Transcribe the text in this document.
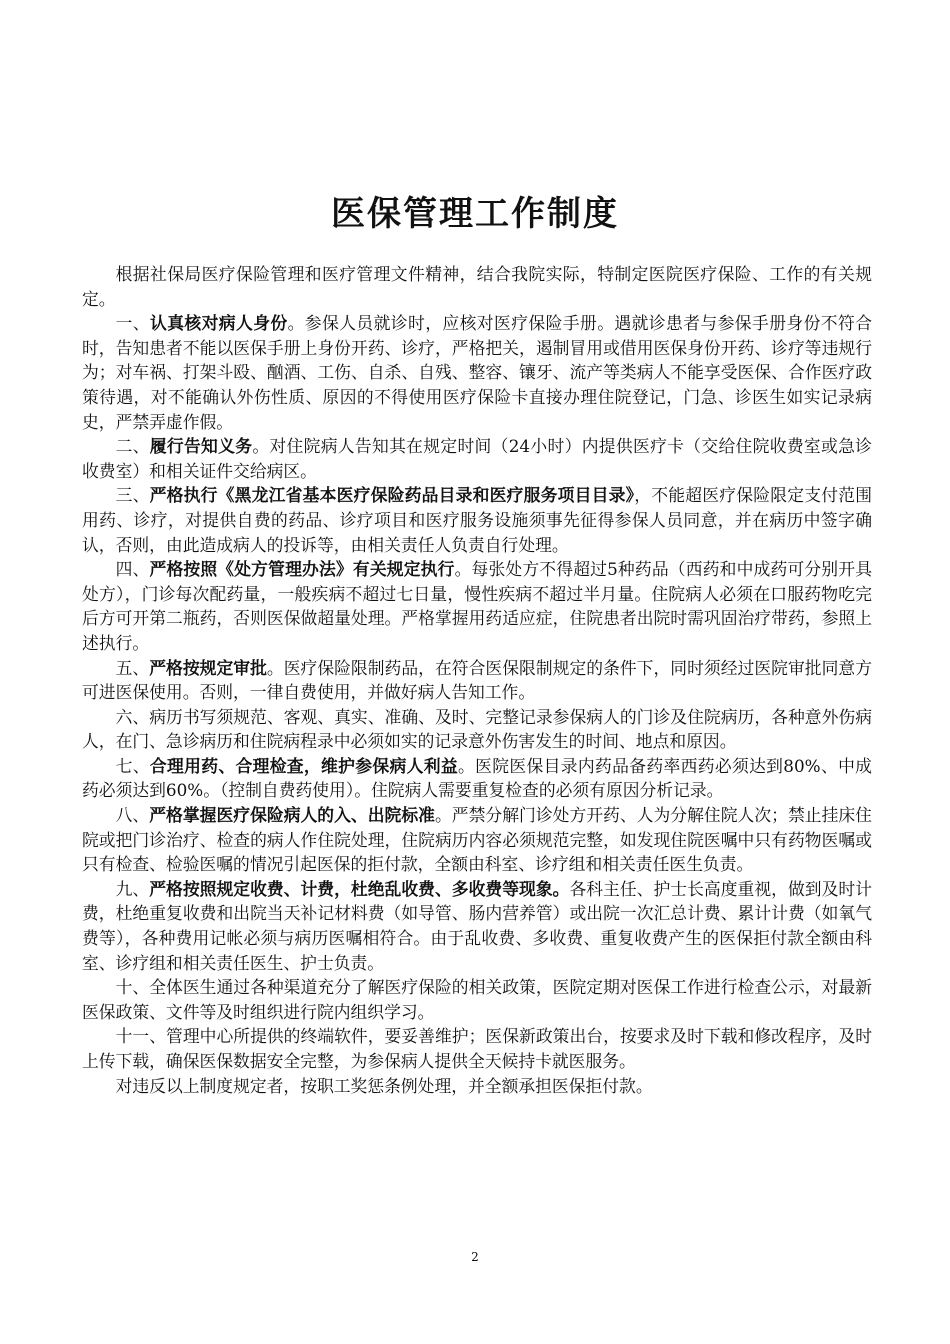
医保管理工作制度

根据社保局医疗保险管理和医疗管理文件精神，结合我院实际，特制定医院医疗保险、工作的有关规定。

一、认真核对病人身份。参保人员就诊时，应核对医疗保险手册。遇就诊患者与参保手册身份不符合时，告知患者不能以医保手册上身份开药、诊疗，严格把关，遏制冒用或借用医保身份开药、诊疗等违规行为；对车祸、打架斗殴、酗酒、工伤、自杀、自残、整容、镶牙、流产等类病人不能享受医保、合作医疗政策待遇，对不能确认外伤性质、原因的不得使用医疗保险卡直接办理住院登记，门急、诊医生如实记录病史，严禁弄虚作假。

二、履行告知义务。对住院病人告知其在规定时间（24小时）内提供医疗卡（交给住院收费室或急诊收费室）和相关证件交给病区。

三、严格执行《黑龙江省基本医疗保险药品目录和医疗服务项目目录》，不能超医疗保险限定支付范围用药、诊疗，对提供自费的药品、诊疗项目和医疗服务设施须事先征得参保人员同意，并在病历中签字确认，否则，由此造成病人的投诉等，由相关责任人负责自行处理。

四、严格按照《处方管理办法》有关规定执行。每张处方不得超过5种药品（西药和中成药可分别开具处方），门诊每次配药量，一般疾病不超过七日量，慢性疾病不超过半月量。住院病人必须在口服药物吃完后方可开第二瓶药，否则医保做超量处理。严格掌握用药适应症，住院患者出院时需巩固治疗带药，参照上述执行。

五、严格按规定审批。医疗保险限制药品，在符合医保限制规定的条件下，同时须经过医院审批同意方可进医保使用。否则，一律自费使用，并做好病人告知工作。

六、病历书写须规范、客观、真实、准确、及时、完整记录参保病人的门诊及住院病历，各种意外伤病人，在门、急诊病历和住院病程录中必须如实的记录意外伤害发生的时间、地点和原因。

七、合理用药、合理检查，维护参保病人利益。医院医保目录内药品备药率西药必须达到80%、中成药必须达到60%。（控制自费药使用）。住院病人需要重复检查的必须有原因分析记录。

八、严格掌握医疗保险病人的入、出院标准。严禁分解门诊处方开药、人为分解住院人次；禁止挂床住院或把门诊治疗、检查的病人作住院处理，住院病历内容必须规范完整，如发现住院医嘱中只有药物医嘱或只有检查、检验医嘱的情况引起医保的拒付款，全额由科室、诊疗组和相关责任医生负责。

九、严格按照规定收费、计费，杜绝乱收费、多收费等现象。各科主任、护士长高度重视，做到及时计费，杜绝重复收费和出院当天补记材料费（如导管、肠内营养管）或出院一次汇总计费、累计计费（如氧气费等），各种费用记帐必须与病历医嘱相符合。由于乱收费、多收费、重复收费产生的医保拒付款全额由科室、诊疗组和相关责任医生、护士负责。

十、全体医生通过各种渠道充分了解医疗保险的相关政策，医院定期对医保工作进行检查公示，对最新医保政策、文件等及时组织进行院内组织学习。

十一、管理中心所提供的终端软件，要妥善维护；医保新政策出台，按要求及时下载和修改程序，及时上传下载，确保医保数据安全完整，为参保病人提供全天候持卡就医服务。

对违反以上制度规定者，按职工奖惩条例处理，并全额承担医保拒付款。

2
